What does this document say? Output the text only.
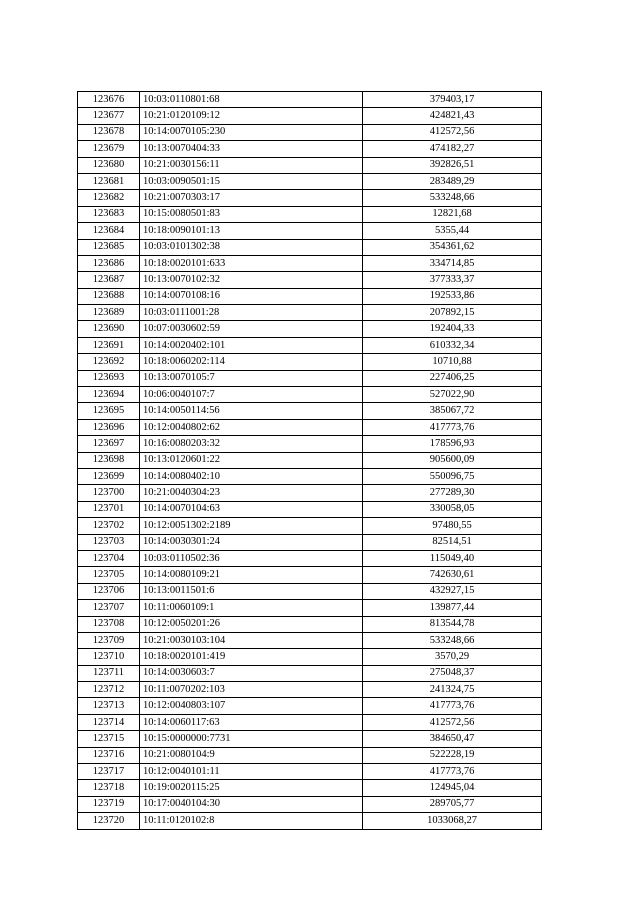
123676	10:03:0110801:68	379403,17
123677	10:21:0120109:12	424821,43
123678	10:14:0070105:230	412572,56
123679	10:13:0070404:33	474182,27
123680	10:21:0030156:11	392826,51
123681	10:03:0090501:15	283489,29
123682	10:21:0070303:17	533248,66
123683	10:15:0080501:83	12821,68
123684	10:18:0090101:13	5355,44
123685	10:03:0101302:38	354361,62
123686	10:18:0020101:633	334714,85
123687	10:13:0070102:32	377333,37
123688	10:14:0070108:16	192533,86
123689	10:03:0111001:28	207892,15
123690	10:07:0030602:59	192404,33
123691	10:14:0020402:101	610332,34
123692	10:18:0060202:114	10710,88
123693	10:13:0070105:7	227406,25
123694	10:06:0040107:7	527022,90
123695	10:14:0050114:56	385067,72
123696	10:12:0040802:62	417773,76
123697	10:16:0080203:32	178596,93
123698	10:13:0120601:22	905600,09
123699	10:14:0080402:10	550096,75
123700	10:21:0040304:23	277289,30
123701	10:14:0070104:63	330058,05
123702	10:12:0051302:2189	97480,55
123703	10:14:0030301:24	82514,51
123704	10:03:0110502:36	115049,40
123705	10:14:0080109:21	742630,61
123706	10:13:0011501:6	432927,15
123707	10:11:0060109:1	139877,44
123708	10:12:0050201:26	813544,78
123709	10:21:0030103:104	533248,66
123710	10:18:0020101:419	3570,29
123711	10:14:0030603:7	275048,37
123712	10:11:0070202:103	241324,75
123713	10:12:0040803:107	417773,76
123714	10:14:0060117:63	412572,56
123715	10:15:0000000:7731	384650,47
123716	10:21:0080104:9	522228,19
123717	10:12:0040101:11	417773,76
123718	10:19:0020115:25	124945,04
123719	10:17:0040104:30	289705,77
123720	10:11:0120102:8	1033068,27
